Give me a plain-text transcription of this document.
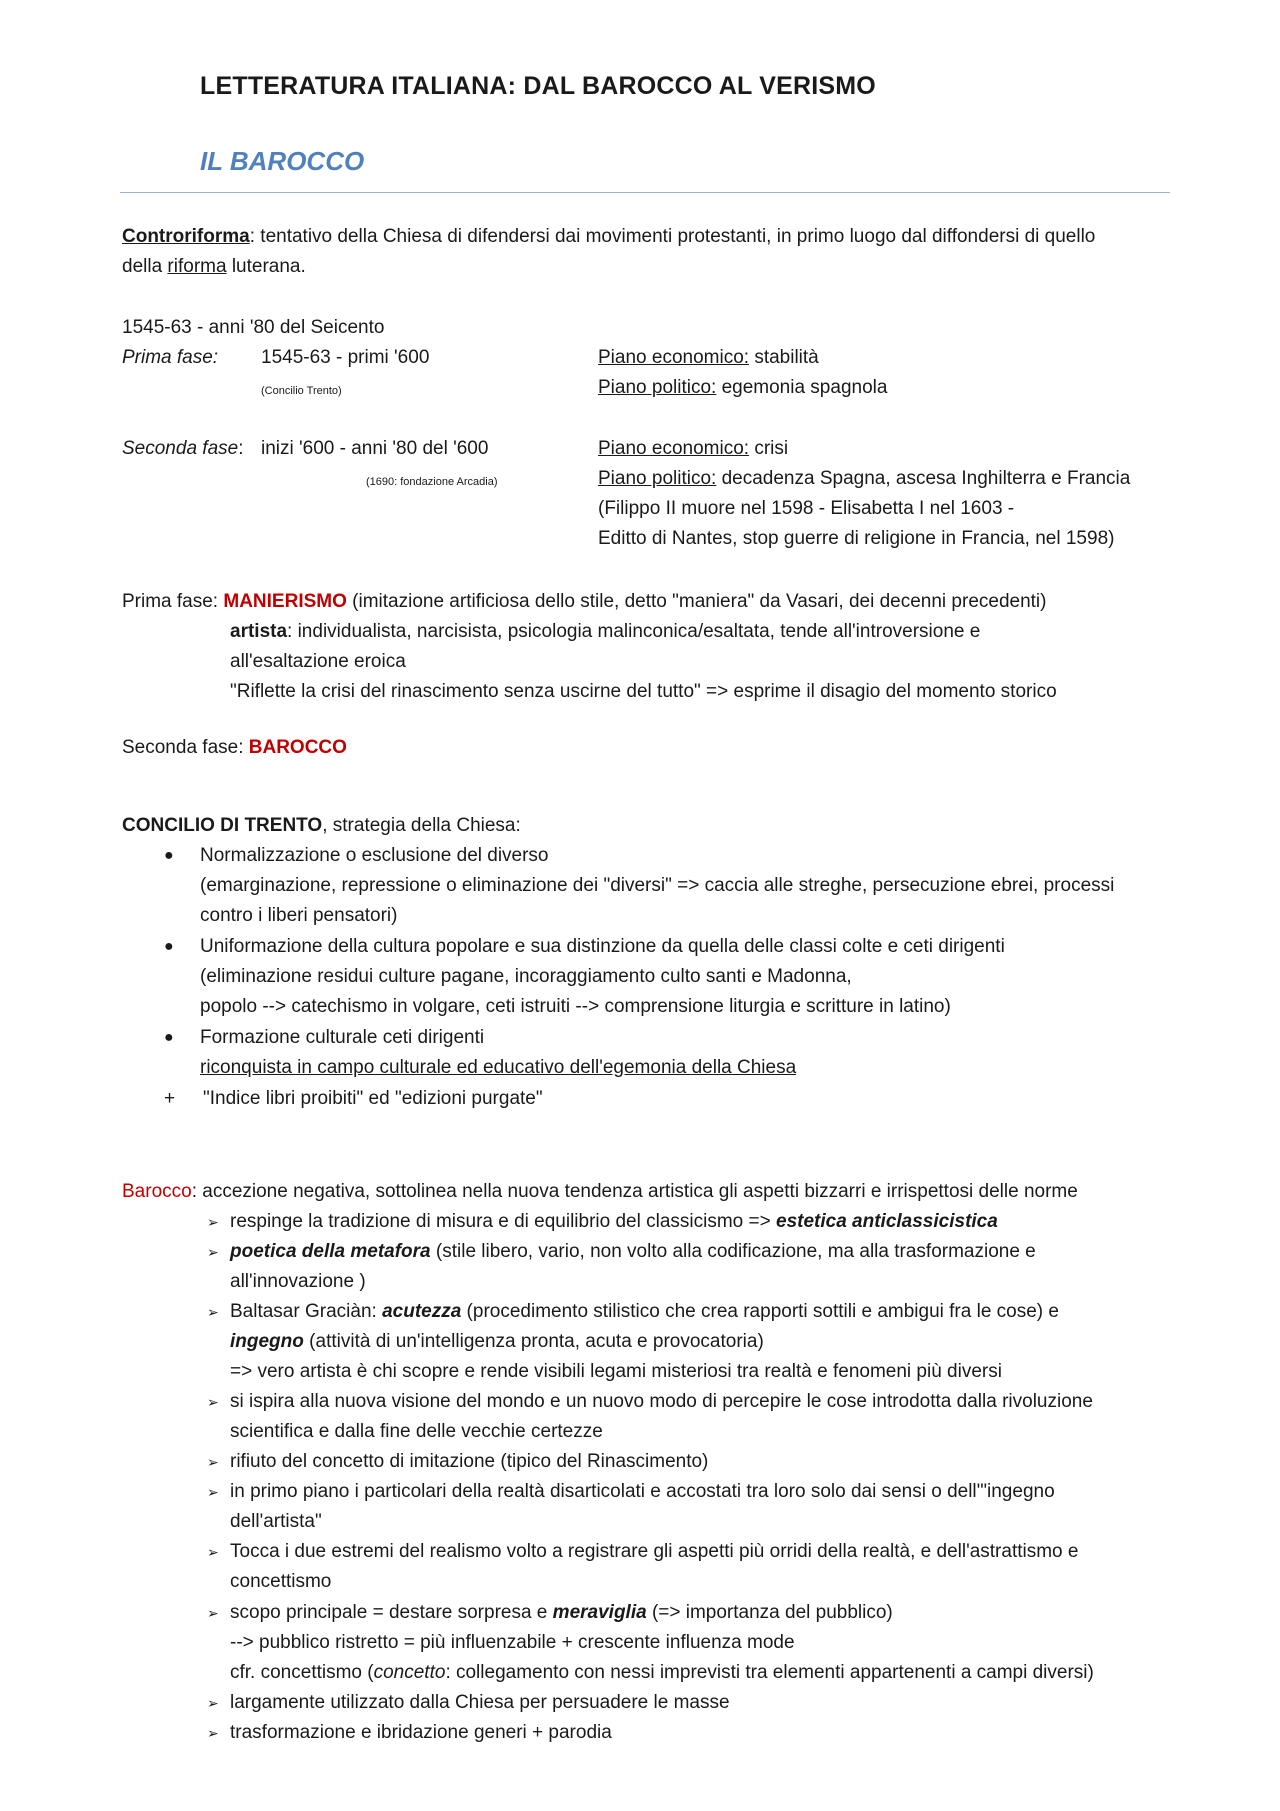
LETTERATURA ITALIANA: DAL BAROCCO AL VERISMO
IL BAROCCO
Controriforma: tentativo della Chiesa di difendersi dai movimenti protestanti, in primo luogo dal diffondersi di quello
della riforma luterana.
1545-63 - anni '80 del Seicento
Prima fase: 1545-63 - primi '600
(Concilio Trento)
Piano economico: stabilità
Piano politico: egemonia spagnola
Seconda fase: inizi '600 - anni '80 del '600
(1690: fondazione Arcadia)
Piano economico: crisi
Piano politico: decadenza Spagna, ascesa Inghilterra e Francia
(Filippo II muore nel 1598 - Elisabetta I nel 1603 -
Editto di Nantes, stop guerre di religione in Francia, nel 1598)
Prima fase: MANIERISMO (imitazione artificiosa dello stile, detto "maniera" da Vasari, dei decenni precedenti)
artista: individualista, narcisista, psicologia malinconica/esaltata, tende all'introversione e
all'esaltazione eroica
"Riflette la crisi del rinascimento senza uscirne del tutto" => esprime il disagio del momento storico
Seconda fase: BAROCCO
CONCILIO DI TRENTO, strategia della Chiesa:
● Normalizzazione o esclusione del diverso
(emarginazione, repressione o eliminazione dei "diversi" => caccia alle streghe, persecuzione ebrei, processi
contro i liberi pensatori)
● Uniformazione della cultura popolare e sua distinzione da quella delle classi colte e ceti dirigenti
(eliminazione residui culture pagane, incoraggiamento culto santi e Madonna,
popolo --> catechismo in volgare, ceti istruiti --> comprensione liturgia e scritture in latino)
● Formazione culturale ceti dirigenti
riconquista in campo culturale ed educativo dell'egemonia della Chiesa
+ "Indice libri proibiti" ed "edizioni purgate"
Barocco: accezione negativa, sottolinea nella nuova tendenza artistica gli aspetti bizzarri e irrispettosi delle norme
➢ respinge la tradizione di misura e di equilibrio del classicismo => estetica anticlassicistica
➢ poetica della metafora (stile libero, vario, non volto alla codificazione, ma alla trasformazione e
all'innovazione )
➢ Baltasar Graciàn: acutezza (procedimento stilistico che crea rapporti sottili e ambigui fra le cose) e
ingegno (attività di un'intelligenza pronta, acuta e provocatoria)
=> vero artista è chi scopre e rende visibili legami misteriosi tra realtà e fenomeni più diversi
➢ si ispira alla nuova visione del mondo e un nuovo modo di percepire le cose introdotta dalla rivoluzione
scientifica e dalla fine delle vecchie certezze
➢ rifiuto del concetto di imitazione (tipico del Rinascimento)
➢ in primo piano i particolari della realtà disarticolati e accostati tra loro solo dai sensi o dell'"ingegno
dell'artista"
➢ Tocca i due estremi del realismo volto a registrare gli aspetti più orridi della realtà, e dell'astrattismo e
concettismo
➢ scopo principale = destare sorpresa e meraviglia (=> importanza del pubblico)
--> pubblico ristretto = più influenzabile + crescente influenza mode
cfr. concettismo (concetto: collegamento con nessi imprevisti tra elementi appartenenti a campi diversi)
➢ largamente utilizzato dalla Chiesa per persuadere le masse
➢ trasformazione e ibridazione generi + parodia
